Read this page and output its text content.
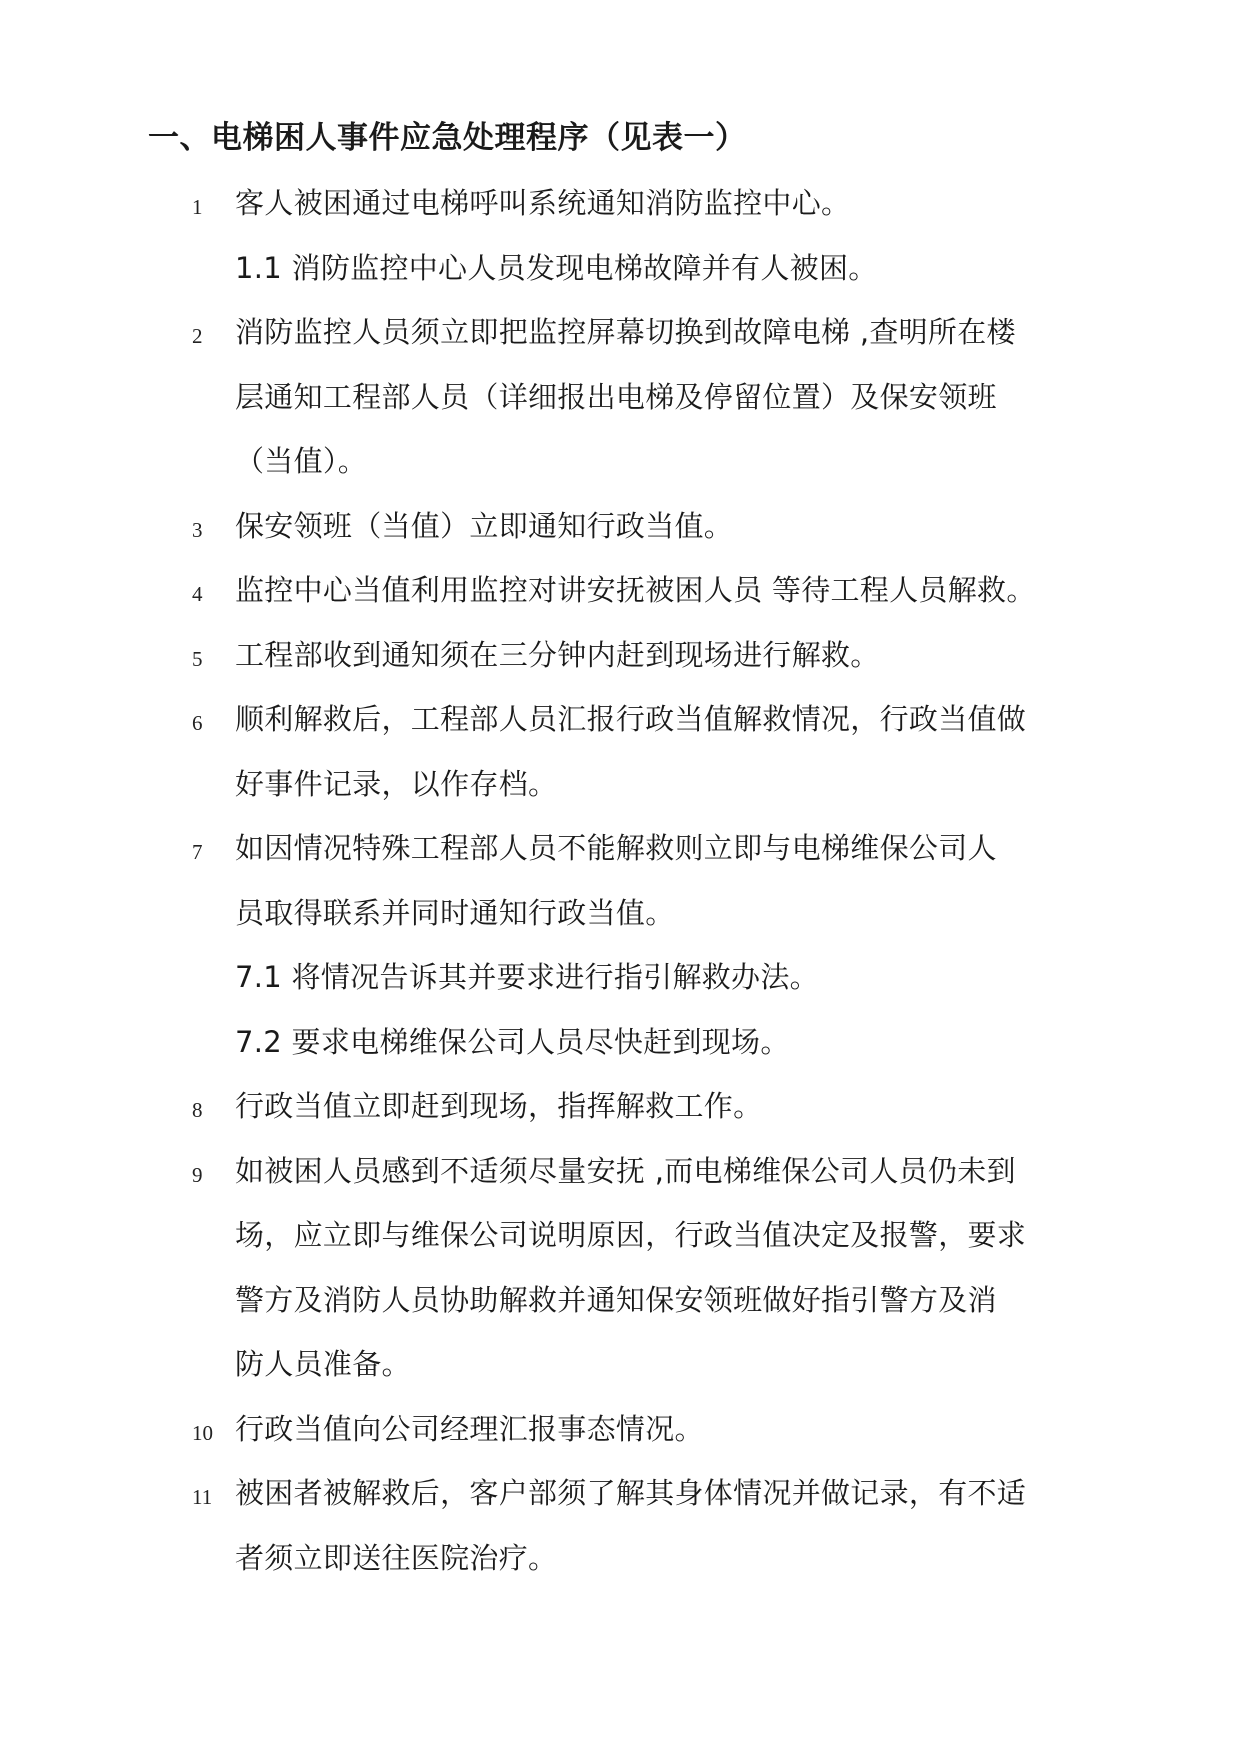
一、电梯困人事件应急处理程序（见表一）
1 客人被困通过电梯呼叫系统通知消防监控中心。
1.1 消防监控中心人员发现电梯故障并有人被困。
2 消防监控人员须立即把监控屏幕切换到故障电梯 ,查明所在楼
层通知工程部人员（详细报出电梯及停留位置）及保安领班
（当值）。
3 保安领班（当值）立即通知行政当值。
4 监控中心当值利用监控对讲安抚被困人员 等待工程人员解救。
5 工程部收到通知须在三分钟内赶到现场进行解救。
6 顺利解救后，工程部人员汇报行政当值解救情况，行政当值做
好事件记录，以作存档。
7 如因情况特殊工程部人员不能解救则立即与电梯维保公司人
员取得联系并同时通知行政当值。
7.1 将情况告诉其并要求进行指引解救办法。
7.2 要求电梯维保公司人员尽快赶到现场。
8 行政当值立即赶到现场，指挥解救工作。
9 如被困人员感到不适须尽量安抚 ,而电梯维保公司人员仍未到
场，应立即与维保公司说明原因，行政当值决定及报警，要求
警方及消防人员协助解救并通知保安领班做好指引警方及消
防人员准备。
10 行政当值向公司经理汇报事态情况。
11 被困者被解救后，客户部须了解其身体情况并做记录，有不适
者须立即送往医院治疗。
